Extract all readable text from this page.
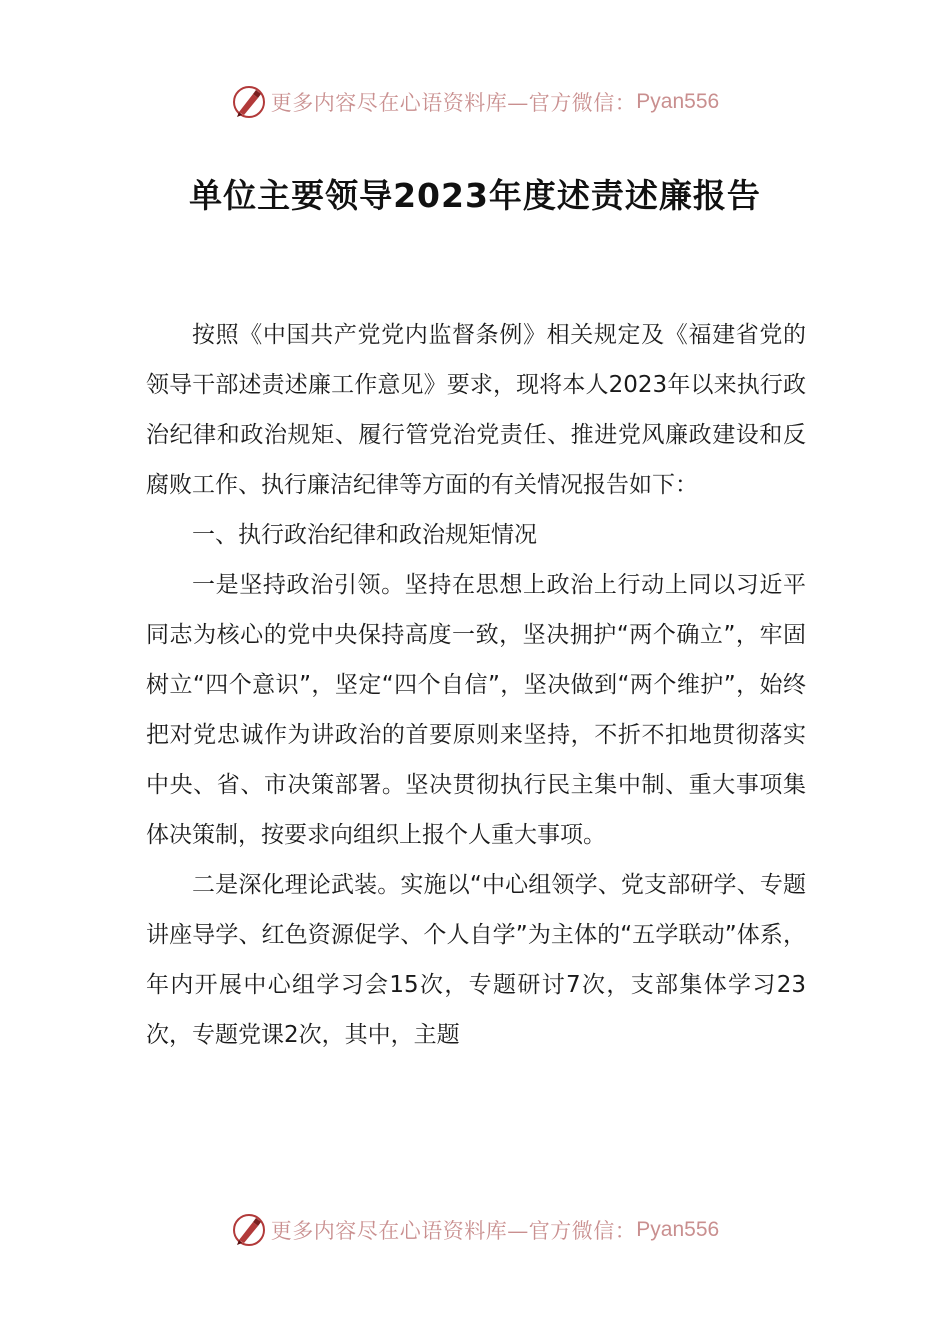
更多内容尽在心语资料库—官方微信： Pyan556
单位主要领导2023年度述责述廉报告

按照《中国共产党党内监督条例》相关规定及《福建省党的领导干部述责述廉工作意见》要求，现将本人2023年以来执行政治纪律和政治规矩、履行管党治党责任、推进党风廉政建设和反腐败工作、执行廉洁纪律等方面的有关情况报告如下：

一、执行政治纪律和政治规矩情况

一是坚持政治引领。坚持在思想上政治上行动上同以习近平同志为核心的党中央保持高度一致，坚决拥护“两个确立”，牢固树立“四个意识”，坚定“四个自信”，坚决做到“两个维护”，始终把对党忠诚作为讲政治的首要原则来坚持，不折不扣地贯彻落实中央、省、市决策部署。坚决贯彻执行民主集中制、重大事项集体决策制，按要求向组织上报个人重大事项。

二是深化理论武装。实施以“中心组领学、党支部研学、专题讲座导学、红色资源促学、个人自学”为主体的“五学联动”体系，年内开展中心组学习会15次，专题研讨7次，支部集体学习23次，专题党课2次，其中，主题

更多内容尽在心语资料库—官方微信： Pyan556
